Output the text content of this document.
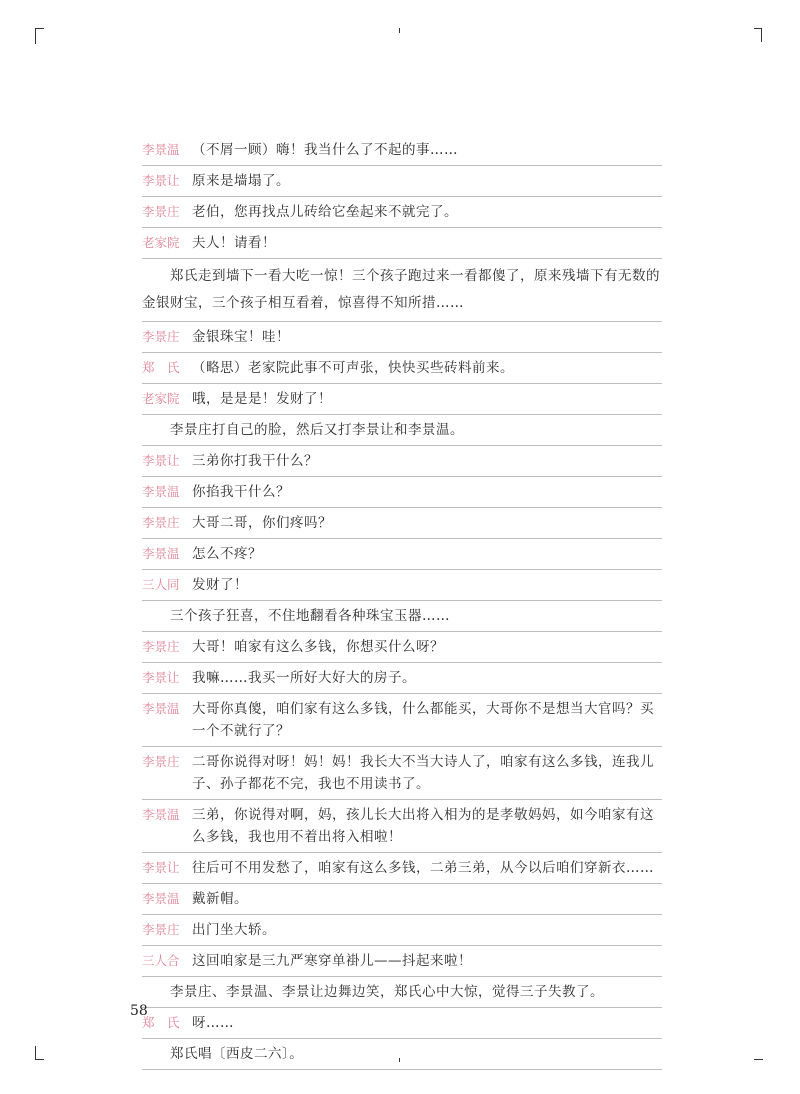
李景温 （不屑一顾）嗨！我当什么了不起的事……
李景让 原来是墙塌了。
李景庄 老伯，您再找点儿砖给它垒起来不就完了。
老家院 夫人！请看！
郑氏走到墙下一看大吃一惊！三个孩子跑过来一看都傻了，原来残墙下有无数的金银财宝，三个孩子相互看着，惊喜得不知所措……
李景庄 金银珠宝！哇！
郑　氏 （略思）老家院此事不可声张，快快买些砖料前来。
老家院 哦，是是是！发财了！
李景庄打自己的脸，然后又打李景让和李景温。
李景让 三弟你打我干什么？
李景温 你掐我干什么？
李景庄 大哥二哥，你们疼吗？
李景温 怎么不疼？
三人同 发财了！
三个孩子狂喜，不住地翻看各种珠宝玉器……
李景庄 大哥！咱家有这么多钱，你想买什么呀？
李景让 我嘛……我买一所好大好大的房子。
李景温 大哥你真傻，咱们家有这么多钱，什么都能买，大哥你不是想当大官吗？买一个不就行了？
李景庄 二哥你说得对呀！妈！妈！我长大不当大诗人了，咱家有这么多钱，连我儿子、孙子都花不完，我也不用读书了。
李景温 三弟，你说得对啊，妈，孩儿长大出将入相为的是孝敬妈妈，如今咱家有这么多钱，我也用不着出将入相啦！
李景让 往后可不用发愁了，咱家有这么多钱，二弟三弟，从今以后咱们穿新衣……
李景温 戴新帽。
李景庄 出门坐大轿。
三人合 这回咱家是三九严寒穿单褂儿——抖起来啦！
李景庄、李景温、李景让边舞边笑，郑氏心中大惊，觉得三子失教了。
郑　氏 呀……
郑氏唱〔西皮二六〕。
58
